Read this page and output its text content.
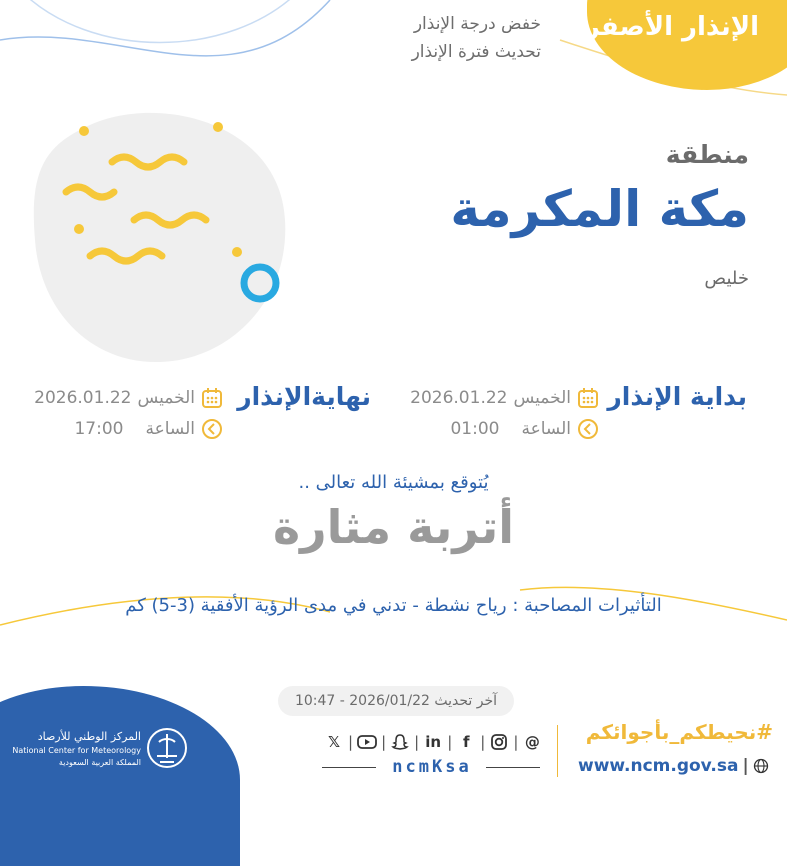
الإنذار الأصفر
خفض درجة الإنذار
تحديث فترة الإنذار
منطقة
مكة المكرمة
خليص
بداية الإنذار
الخميس
2026.01.22
الساعة
01:00
نهايةالإنذار
الخميس
2026.01.22
الساعة
17:00
يُتوقع بمشيئة الله تعالى ..
أتربة مثارة
التأثيرات المصاحبة : رياح نشطة - تدني في مدى الرؤية الأفقية (3-5) كم
آخر تحديث 2026/01/22 - 10:47
المركز الوطني للأرصاد
National Center for Meteorology
المملكة العربية السعودية
𝕏 | | | in | f | | @
ncmKsa
#نحيطكم_بأجوائكم
www.ncm.gov.sa |
